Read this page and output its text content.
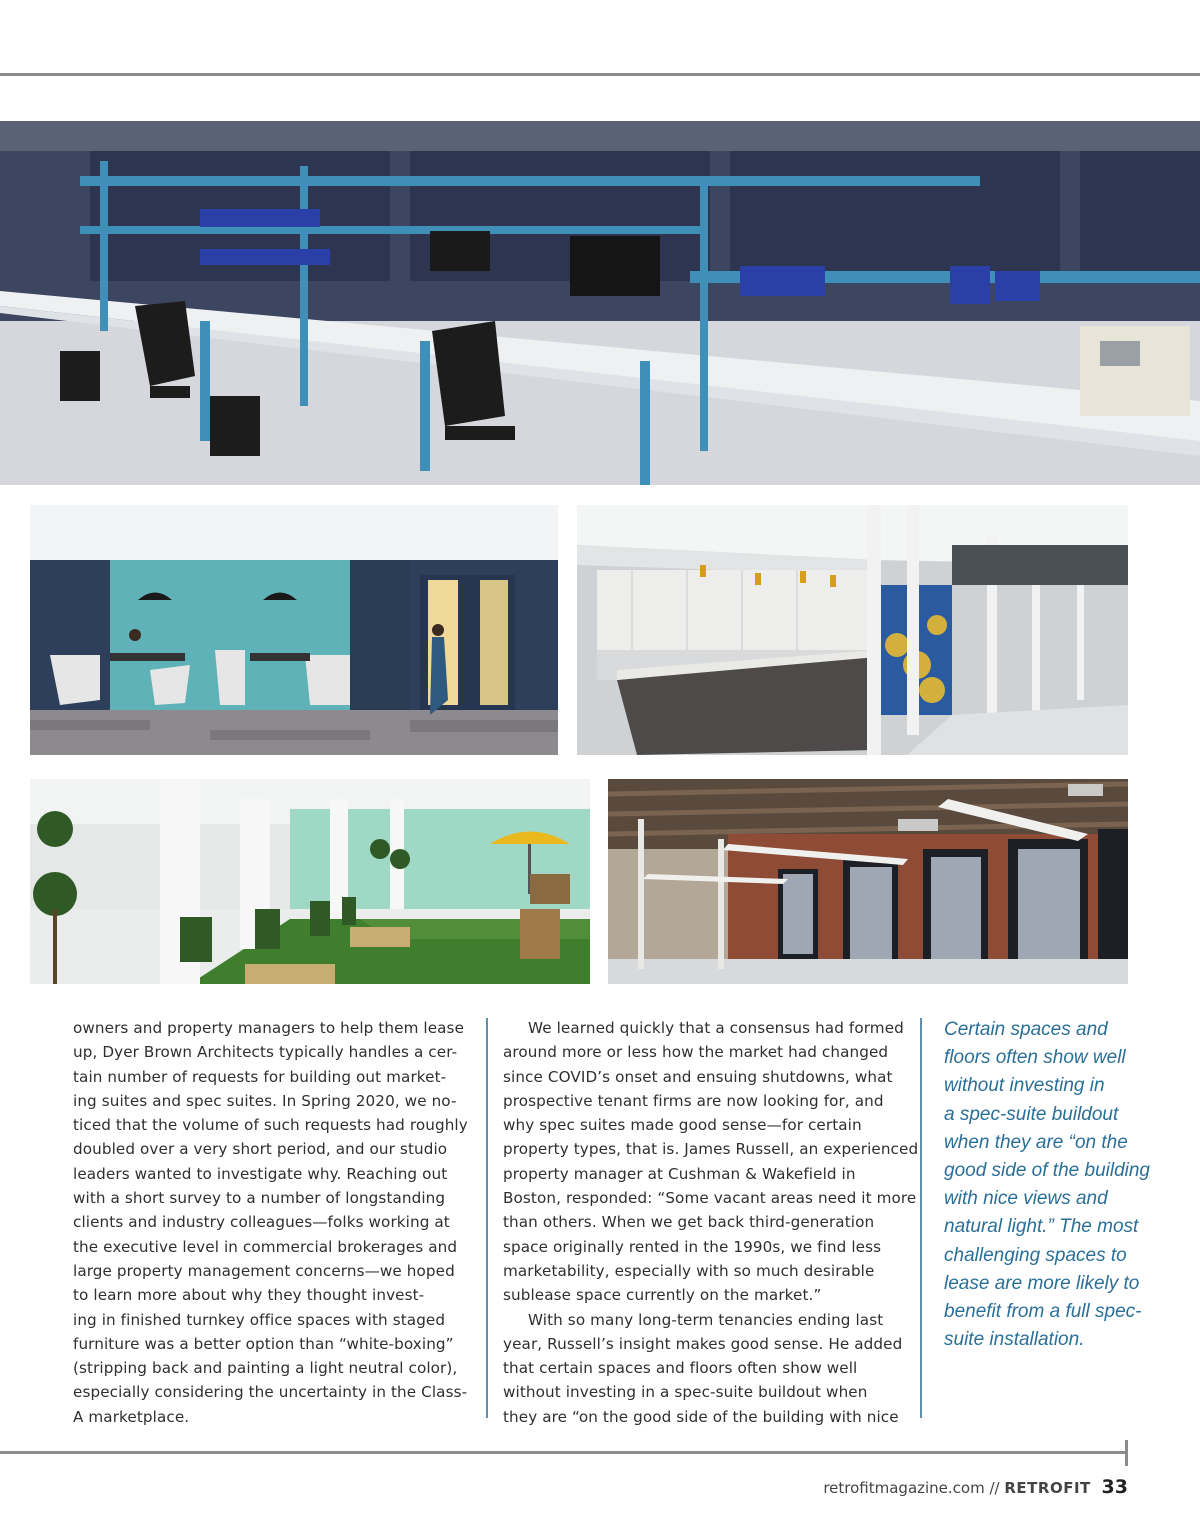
owners and property managers to help them lease
up, Dyer Brown Architects typically handles a cer-
tain number of requests for building out market-
ing suites and spec suites. In Spring 2020, we no-
ticed that the volume of such requests had roughly
doubled over a very short period, and our studio
leaders wanted to investigate why. Reaching out
with a short survey to a number of longstanding
clients and industry colleagues—folks working at
the executive level in commercial brokerages and
large property management concerns—we hoped
to learn more about why they thought invest-
ing in finished turnkey office spaces with staged
furniture was a better option than “white-boxing”
(stripping back and painting a light neutral color),
especially considering the uncertainty in the Class-
A marketplace.

We learned quickly that a consensus had formed
around more or less how the market had changed
since COVID’s onset and ensuing shutdowns, what
prospective tenant firms are now looking for, and
why spec suites made good sense—for certain
property types, that is. James Russell, an experienced
property manager at Cushman & Wakefield in
Boston, responded: “Some vacant areas need it more
than others. When we get back third-generation
space originally rented in the 1990s, we find less
marketability, especially with so much desirable
sublease space currently on the market.”

With so many long-term tenancies ending last
year, Russell’s insight makes good sense. He added
that certain spaces and floors often show well
without investing in a spec-suite buildout when
they are “on the good side of the building with nice

Certain spaces and
floors often show well
without investing in
a spec-suite buildout
when they are “on the
good side of the building
with nice views and
natural light.” The most
challenging spaces to
lease are more likely to
benefit from a full spec-
suite installation.
retrofitmagazine.com // RETROFIT 33
